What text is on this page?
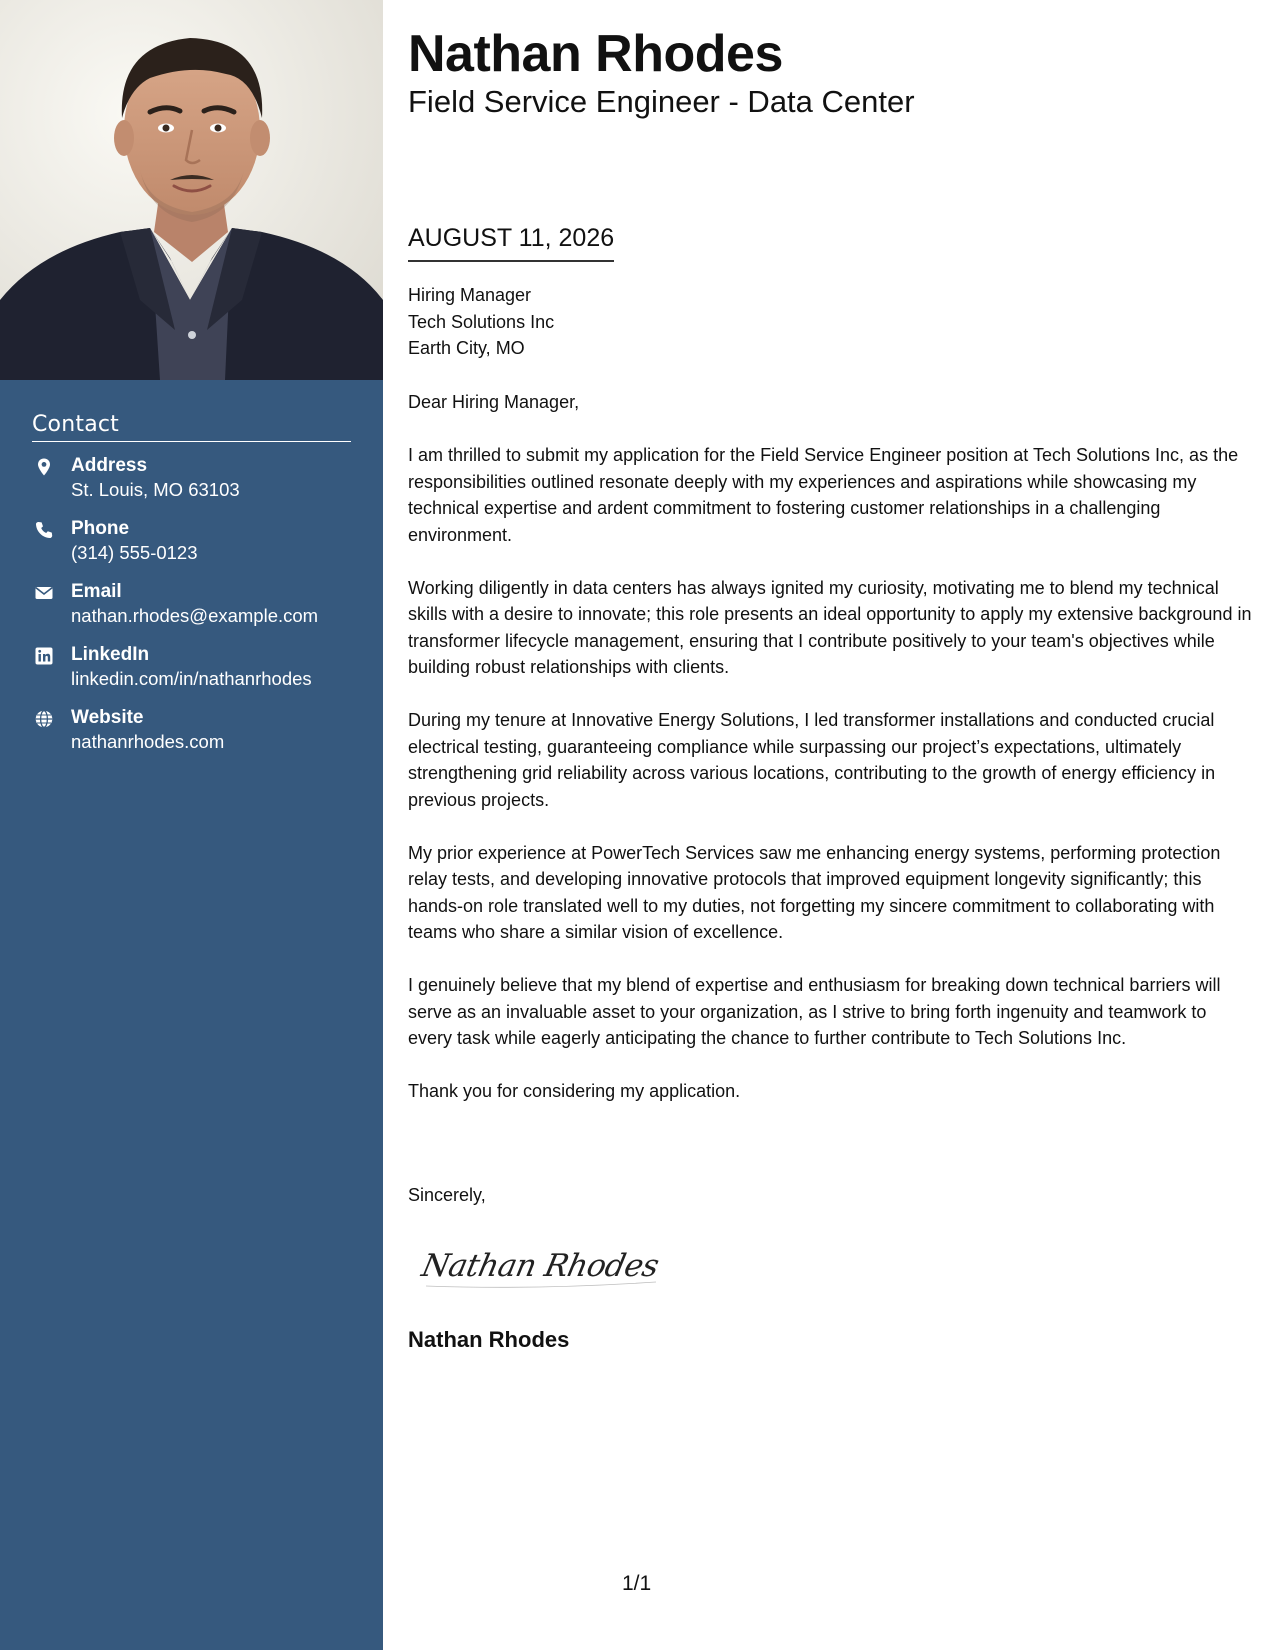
Contact
Address
St. Louis, MO 63103
Phone
(314) 555-0123
Email
nathan.rhodes@example.com
LinkedIn
linkedin.com/in/nathanrhodes
Website
nathanrhodes.com
Nathan Rhodes
Field Service Engineer - Data Center
AUGUST 11, 2026
Hiring Manager
Tech Solutions Inc
Earth City, MO

Dear Hiring Manager,

I am thrilled to submit my application for the Field Service Engineer position at Tech Solutions Inc, as the responsibilities outlined resonate deeply with my experiences and aspirations while showcasing my technical expertise and ardent commitment to fostering customer relationships in a challenging environment.

Working diligently in data centers has always ignited my curiosity, motivating me to blend my technical skills with a desire to innovate; this role presents an ideal opportunity to apply my extensive background in transformer lifecycle management, ensuring that I contribute positively to your team's objectives while building robust relationships with clients.

During my tenure at Innovative Energy Solutions, I led transformer installations and conducted crucial electrical testing, guaranteeing compliance while surpassing our project’s expectations, ultimately strengthening grid reliability across various locations, contributing to the growth of energy efficiency in previous projects.

My prior experience at PowerTech Services saw me enhancing energy systems, performing protection relay tests, and developing innovative protocols that improved equipment longevity significantly; this hands-on role translated well to my duties, not forgetting my sincere commitment to collaborating with teams who share a similar vision of excellence.

I genuinely believe that my blend of expertise and enthusiasm for breaking down technical barriers will serve as an invaluable asset to your organization, as I strive to bring forth ingenuity and teamwork to every task while eagerly anticipating the chance to further contribute to Tech Solutions Inc.

Thank you for considering my application.

Sincerely,
Nathan Rhodes
Nathan Rhodes
1/1
